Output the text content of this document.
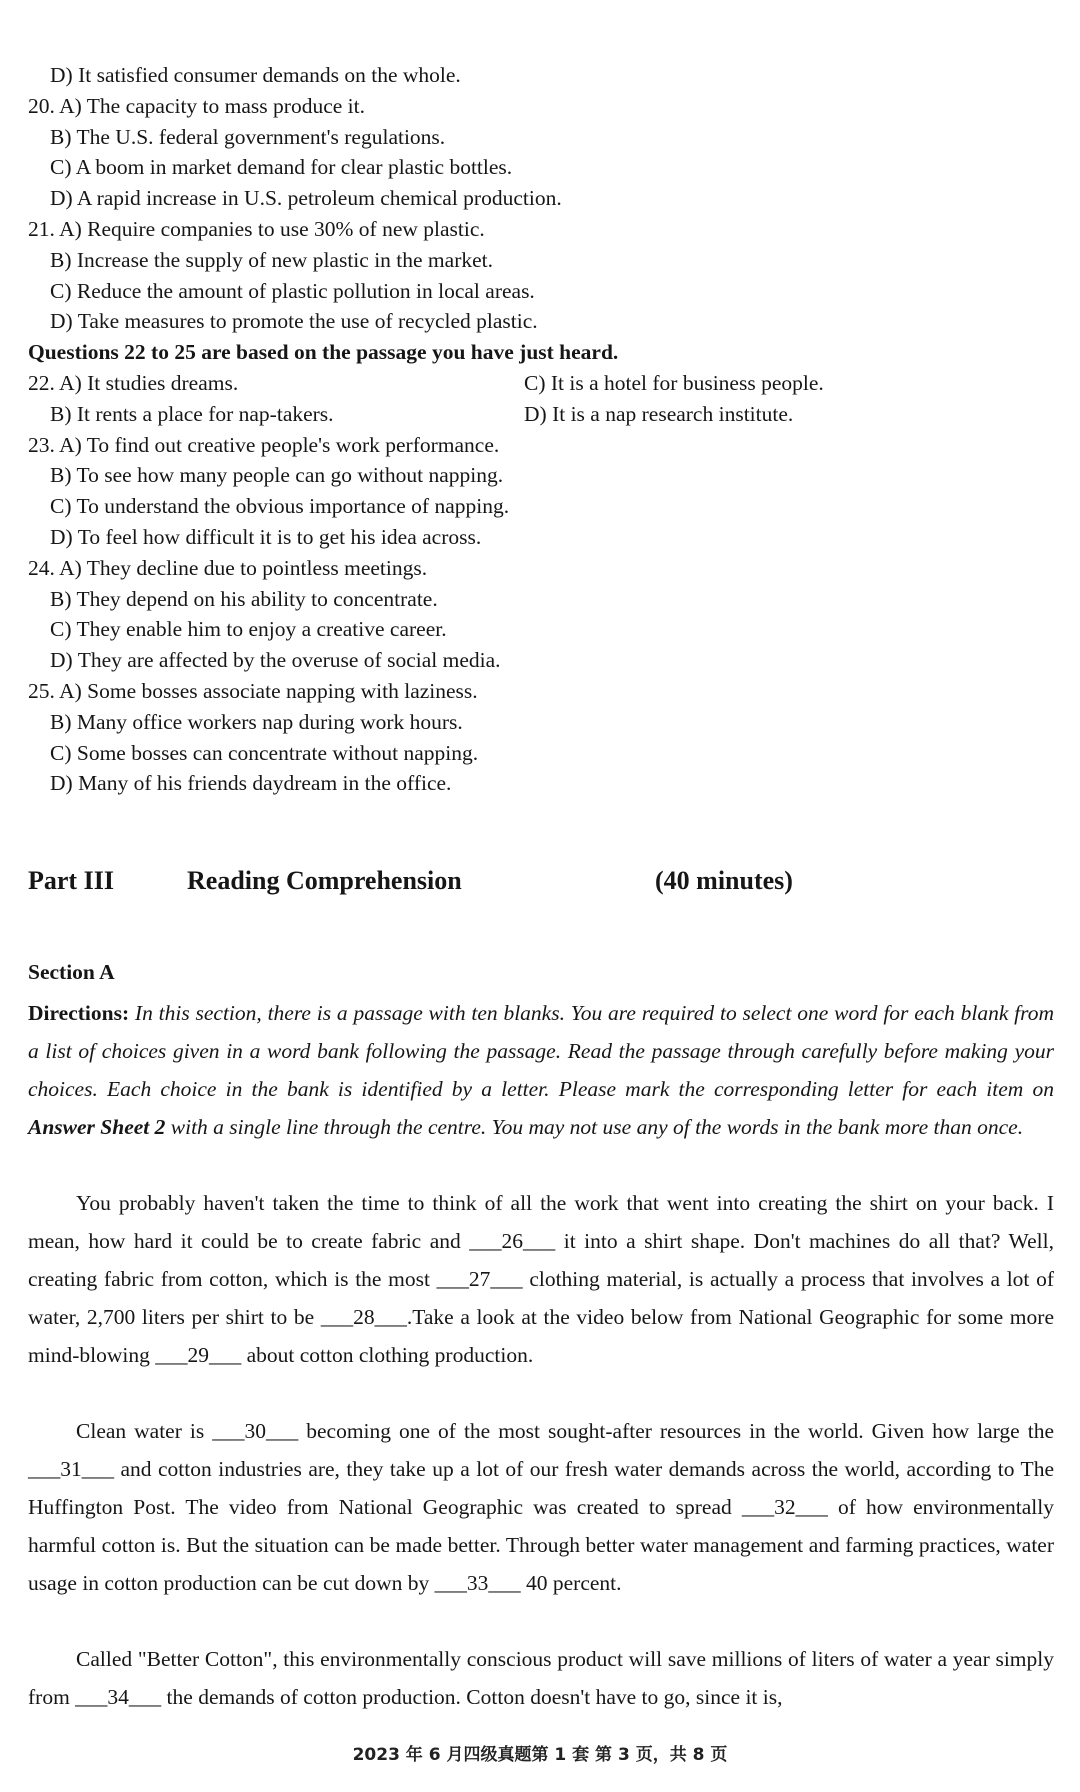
D) It satisfied consumer demands on the whole.
20. A) The capacity to mass produce it.
B) The U.S. federal government's regulations.
C) A boom in market demand for clear plastic bottles.
D) A rapid increase in U.S. petroleum chemical production.
21. A) Require companies to use 30% of new plastic.
B) Increase the supply of new plastic in the market.
C) Reduce the amount of plastic pollution in local areas.
D) Take measures to promote the use of recycled plastic.
Questions 22 to 25 are based on the passage you have just heard.
22. A) It studies dreams.	C) It is a hotel for business people.
B) It rents a place for nap-takers.	D) It is a nap research institute.
23. A) To find out creative people's work performance.
B) To see how many people can go without napping.
C) To understand the obvious importance of napping.
D) To feel how difficult it is to get his idea across.
24. A) They decline due to pointless meetings.
B) They depend on his ability to concentrate.
C) They enable him to enjoy a creative career.
D) They are affected by the overuse of social media.
25. A) Some bosses associate napping with laziness.
B) Many office workers nap during work hours.
C) Some bosses can concentrate without napping.
D) Many of his friends daydream in the office.
Part III	Reading Comprehension	(40 minutes)
Section A
Directions: In this section, there is a passage with ten blanks. You are required to select one word for each blank from a list of choices given in a word bank following the passage. Read the passage through carefully before making your choices. Each choice in the bank is identified by a letter. Please mark the corresponding letter for each item on Answer Sheet 2 with a single line through the centre. You may not use any of the words in the bank more than once.
You probably haven't taken the time to think of all the work that went into creating the shirt on your back. I mean, how hard it could be to create fabric and ___26___ it into a shirt shape. Don't machines do all that? Well, creating fabric from cotton, which is the most ___27___ clothing material, is actually a process that involves a lot of water, 2,700 liters per shirt to be ___28___.Take a look at the video below from National Geographic for some more mind-blowing ___29___ about cotton clothing production.
Clean water is ___30___ becoming one of the most sought-after resources in the world. Given how large the ___31___ and cotton industries are, they take up a lot of our fresh water demands across the world, according to The Huffington Post. The video from National Geographic was created to spread ___32___ of how environmentally harmful cotton is. But the situation can be made better. Through better water management and farming practices, water usage in cotton production can be cut down by ___33___ 40 percent.
Called "Better Cotton", this environmentally conscious product will save millions of liters of water a year simply from ___34___ the demands of cotton production. Cotton doesn't have to go, since it is,
2023 年 6 月四级真题第 1 套 第 3 页，共 8 页
